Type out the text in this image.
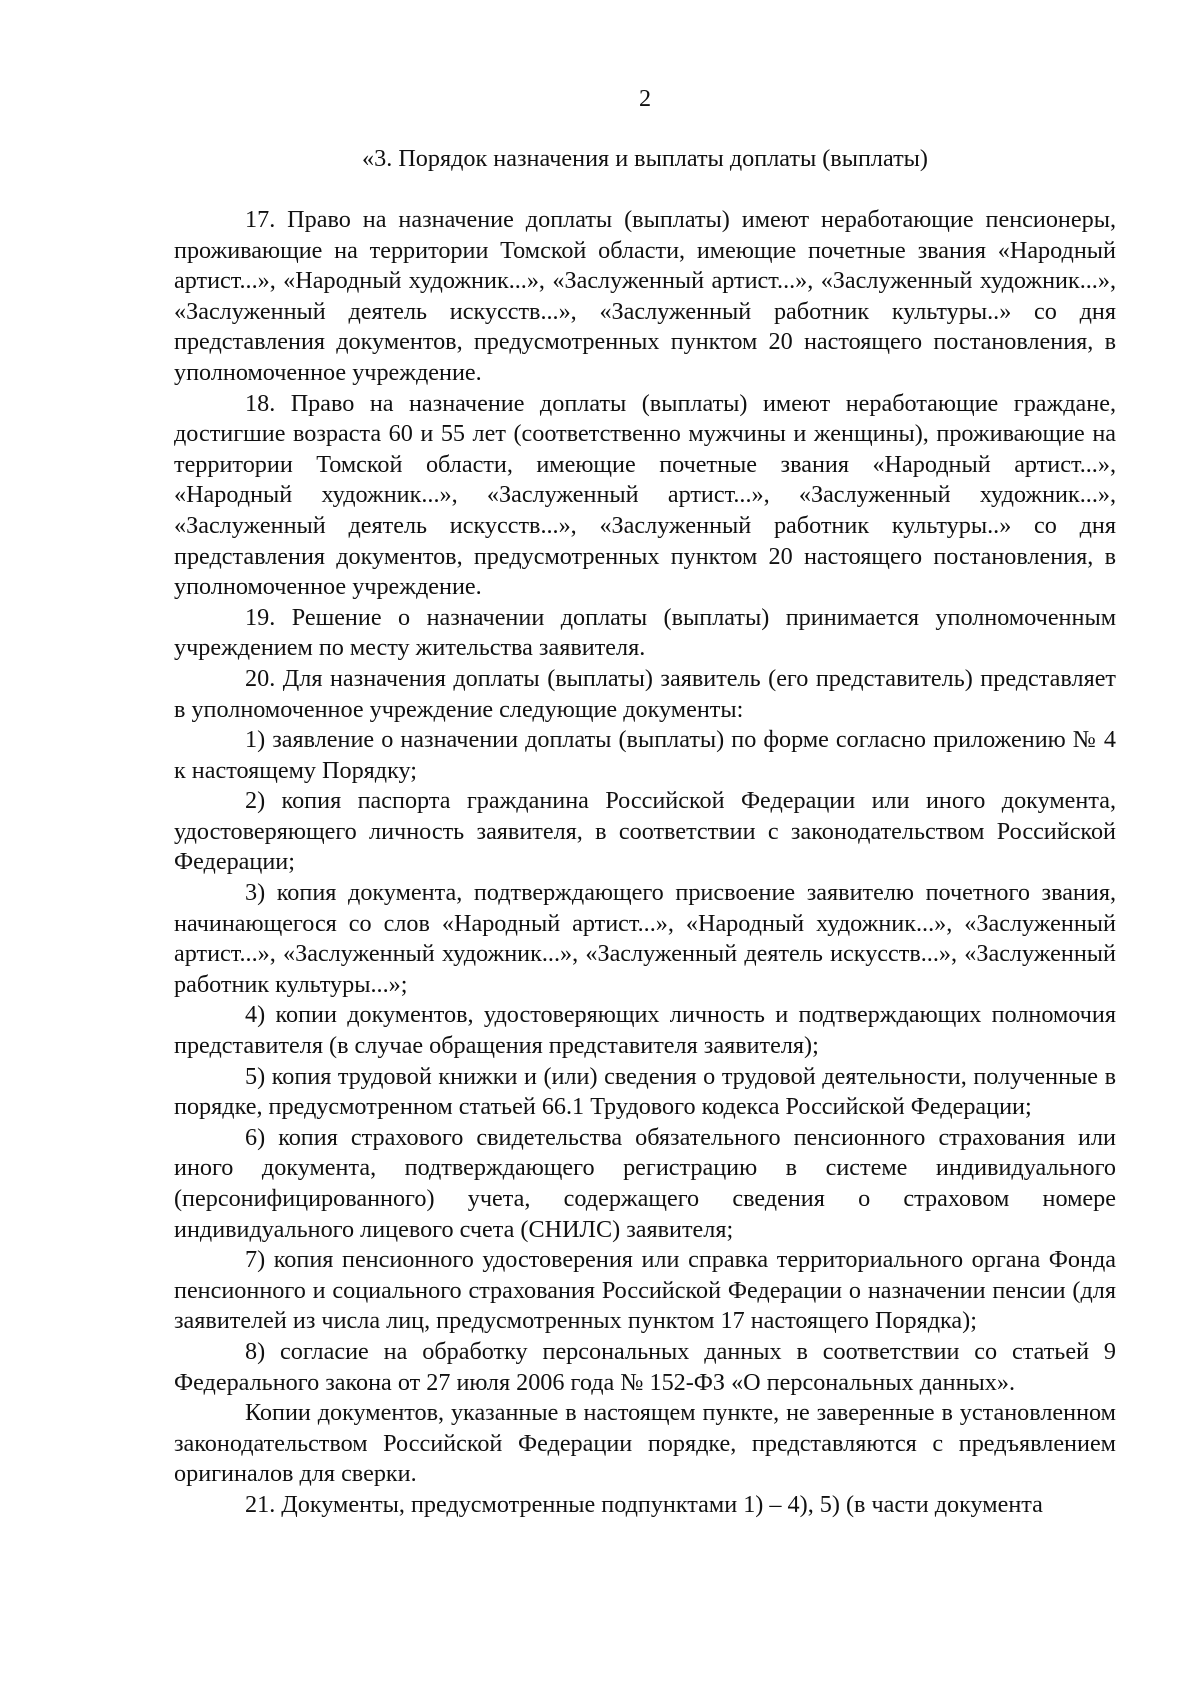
2
«3. Порядок назначения и выплаты доплаты (выплаты)

17. Право на назначение доплаты (выплаты) имеют неработающие пенсионеры, проживающие на территории Томской области, имеющие почетные звания «Народный артист...», «Народный художник...», «Заслуженный артист...», «Заслуженный художник...», «Заслуженный деятель искусств...», «Заслуженный работник культуры..» со дня представления документов, предусмотренных пунктом 20 настоящего постановления, в уполномоченное учреждение.

18. Право на назначение доплаты (выплаты) имеют неработающие граждане, достигшие возраста 60 и 55 лет (соответственно мужчины и женщины), проживающие на территории Томской области, имеющие почетные звания «Народный артист...», «Народный художник...», «Заслуженный артист...», «Заслуженный художник...», «Заслуженный деятель искусств...», «Заслуженный работник культуры..» со дня представления документов, предусмотренных пунктом 20 настоящего постановления, в уполномоченное учреждение.

19. Решение о назначении доплаты (выплаты) принимается уполномоченным учреждением по месту жительства заявителя.

20. Для назначения доплаты (выплаты) заявитель (его представитель) представляет в уполномоченное учреждение следующие документы:

1) заявление о назначении доплаты (выплаты) по форме согласно приложению № 4 к настоящему Порядку;

2) копия паспорта гражданина Российской Федерации или иного документа, удостоверяющего личность заявителя, в соответствии с законодательством Российской Федерации;

3) копия документа, подтверждающего присвоение заявителю почетного звания, начинающегося со слов «Народный артист...», «Народный художник...», «Заслуженный артист...», «Заслуженный художник...», «Заслуженный деятель искусств...», «Заслуженный работник культуры...»;

4) копии документов, удостоверяющих личность и подтверждающих полномочия представителя (в случае обращения представителя заявителя);

5) копия трудовой книжки и (или) сведения о трудовой деятельности, полученные в порядке, предусмотренном статьей 66.1 Трудового кодекса Российской Федерации;

6) копия страхового свидетельства обязательного пенсионного страхования или иного документа, подтверждающего регистрацию в системе индивидуального (персонифицированного) учета, содержащего сведения о страховом номере индивидуального лицевого счета (СНИЛС) заявителя;

7) копия пенсионного удостоверения или справка территориального органа Фонда пенсионного и социального страхования Российской Федерации о назначении пенсии (для заявителей из числа лиц, предусмотренных пунктом 17 настоящего Порядка);

8) согласие на обработку персональных данных в соответствии со статьей 9 Федерального закона от 27 июля 2006 года № 152-ФЗ «О персональных данных».

Копии документов, указанные в настоящем пункте, не заверенные в установленном законодательством Российской Федерации порядке, представляются с предъявлением оригиналов для сверки.

21. Документы, предусмотренные подпунктами 1) – 4), 5) (в части документа
